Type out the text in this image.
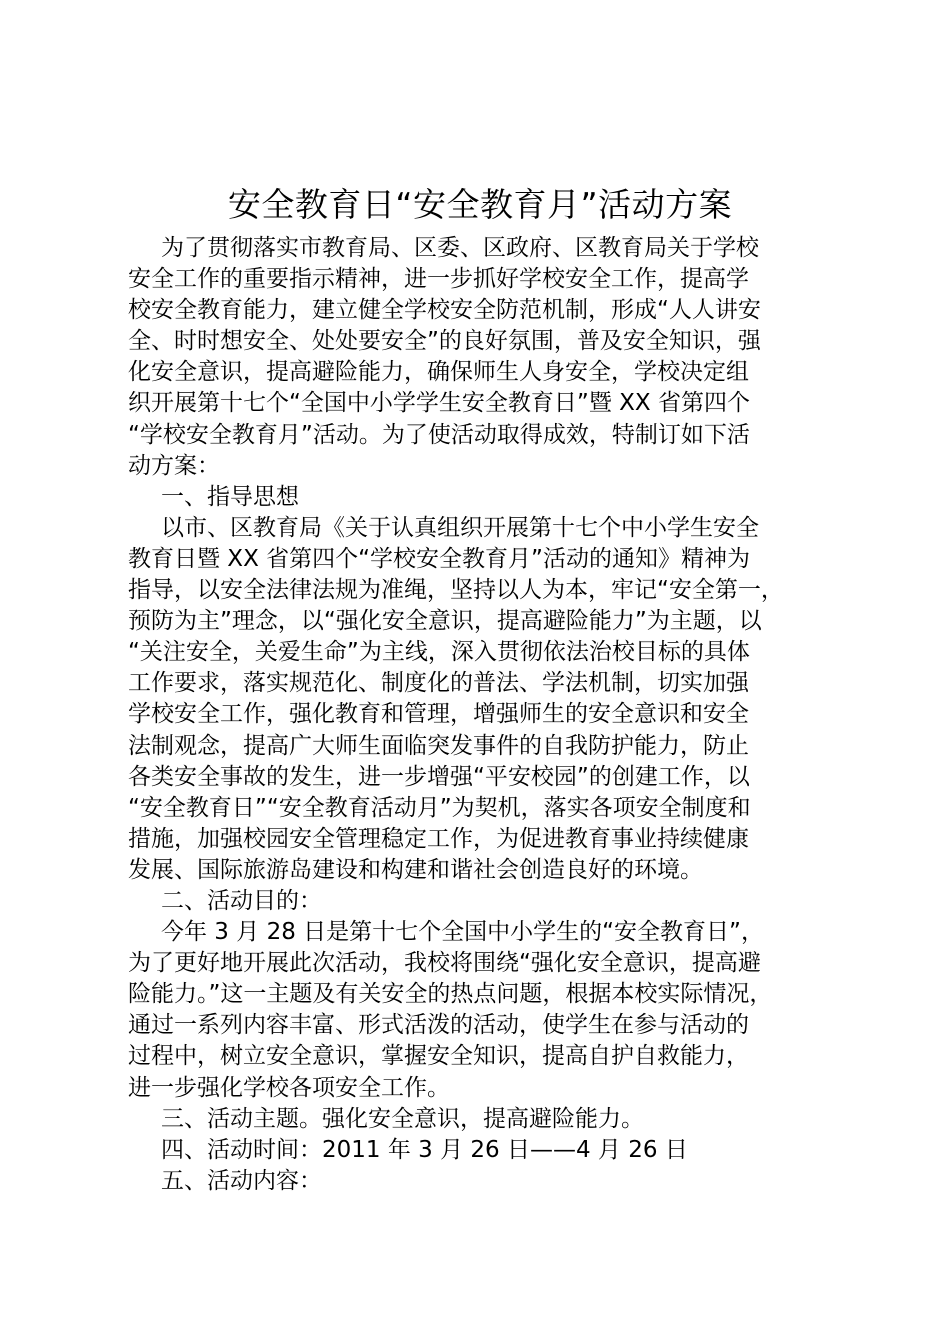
安全教育日“安全教育月”活动方案
为了贯彻落实市教育局、区委、区政府、区教育局关于学校
安全工作的重要指示精神，进一步抓好学校安全工作，提高学
校安全教育能力，建立健全学校安全防范机制，形成“人人讲安
全、时时想安全、处处要安全”的良好氛围，普及安全知识，强
化安全意识，提高避险能力，确保师生人身安全，学校决定组
织开展第十七个“全国中小学学生安全教育日”暨 XX 省第四个
“学校安全教育月”活动。为了使活动取得成效，特制订如下活
动方案：
一、指导思想
以市、区教育局《关于认真组织开展第十七个中小学生安全
教育日暨 XX 省第四个“学校安全教育月”活动的通知》精神为
指导，以安全法律法规为准绳，坚持以人为本，牢记“安全第一，
预防为主”理念，以“强化安全意识，提高避险能力”为主题，以
“关注安全，关爱生命”为主线，深入贯彻依法治校目标的具体
工作要求，落实规范化、制度化的普法、学法机制，切实加强
学校安全工作，强化教育和管理，增强师生的安全意识和安全
法制观念，提高广大师生面临突发事件的自我防护能力，防止
各类安全事故的发生，进一步增强“平安校园”的创建工作，以
“安全教育日”“安全教育活动月”为契机，落实各项安全制度和
措施，加强校园安全管理稳定工作，为促进教育事业持续健康
发展、国际旅游岛建设和构建和谐社会创造良好的环境。
二、活动目的：
今年 3 月 28 日是第十七个全国中小学生的“安全教育日”，
为了更好地开展此次活动，我校将围绕“强化安全意识，提高避
险能力。”这一主题及有关安全的热点问题，根据本校实际情况，
通过一系列内容丰富、形式活泼的活动，使学生在参与活动的
过程中，树立安全意识，掌握安全知识，提高自护自救能力，
进一步强化学校各项安全工作。
三、活动主题。强化安全意识，提高避险能力。
四、活动时间：2011 年 3 月 26 日——4 月 26 日
五、活动内容：
